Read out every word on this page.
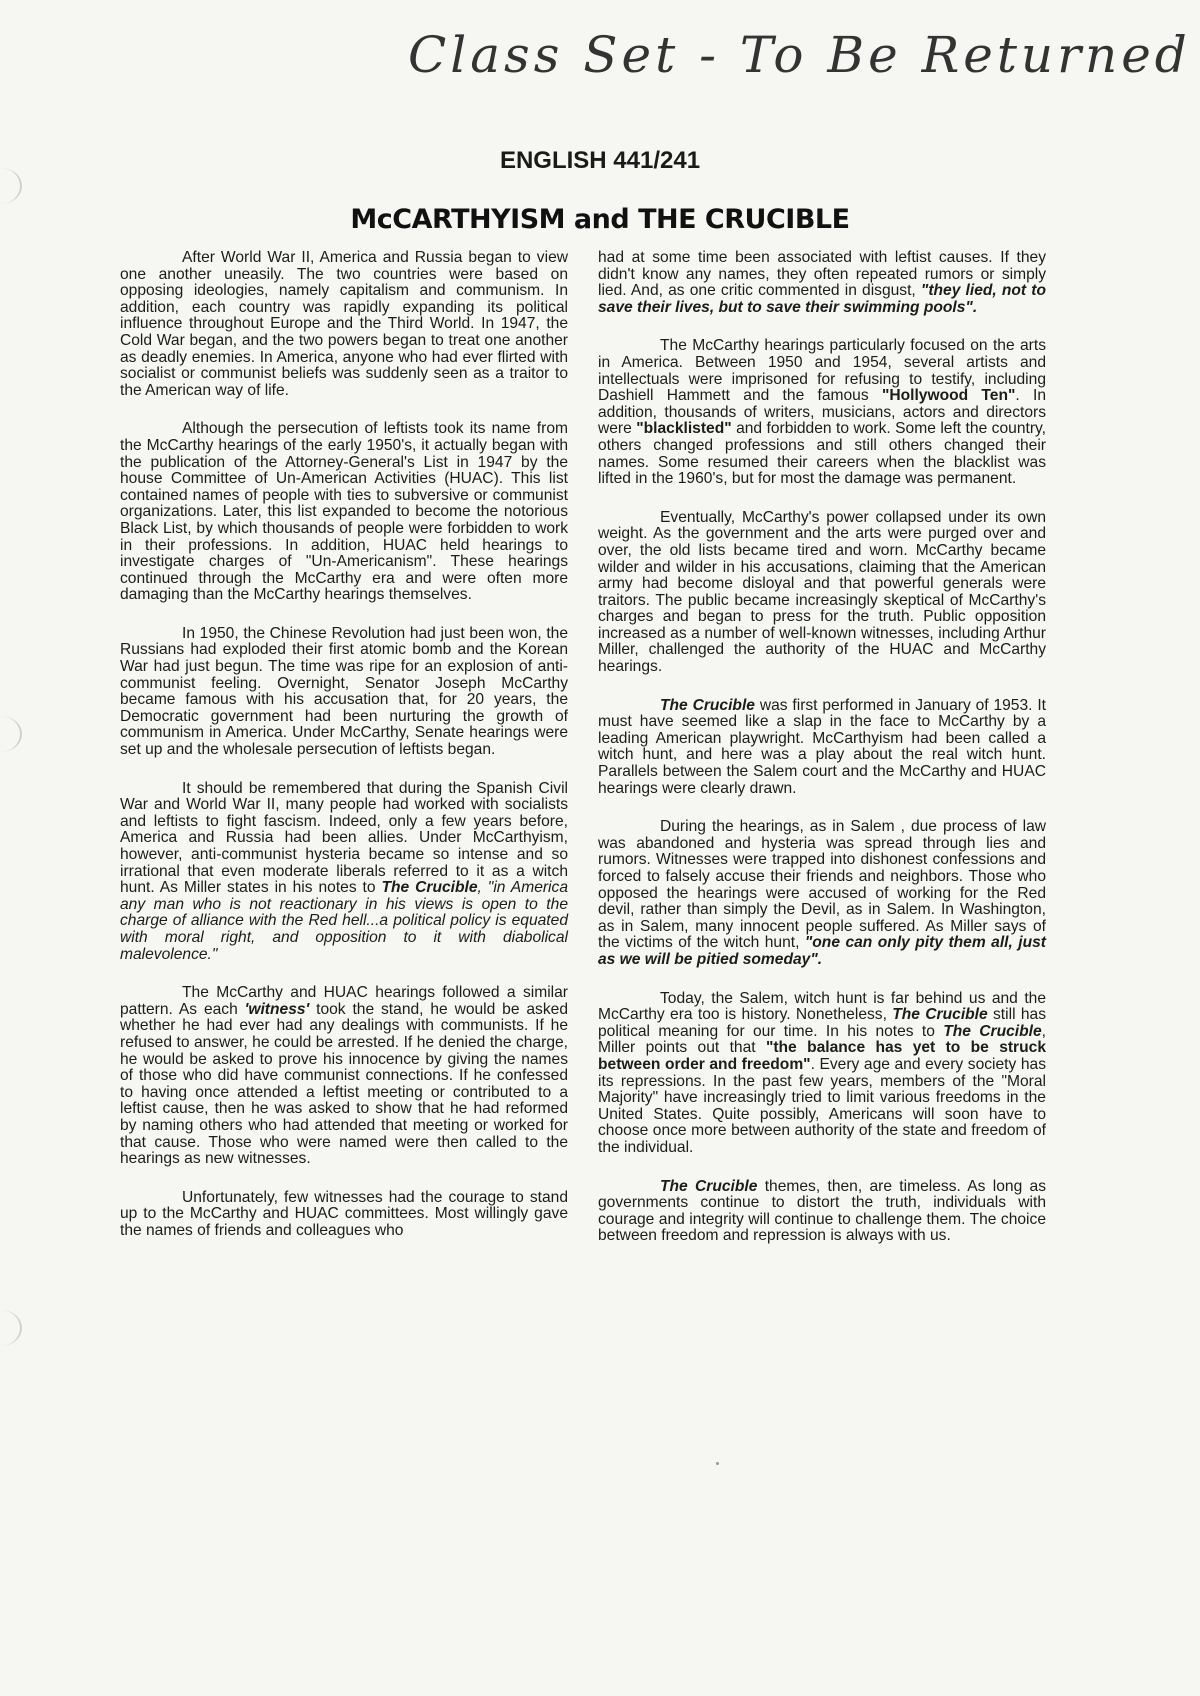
Class Set - To Be Returned
ENGLISH 441/241
McCARTHYISM and THE CRUCIBLE

After World War II, America and Russia began to view one another uneasily. The two countries were based on opposing ideologies, namely capitalism and communism. In addition, each country was rapidly expanding its political influence throughout Europe and the Third World. In 1947, the Cold War began, and the two powers began to treat one another as deadly enemies. In America, anyone who had ever flirted with socialist or communist beliefs was suddenly seen as a traitor to the American way of life.

Although the persecution of leftists took its name from the McCarthy hearings of the early 1950's, it actually began with the publication of the Attorney-General's List in 1947 by the house Committee of Un-American Activities (HUAC). This list contained names of people with ties to subversive or communist organizations. Later, this list expanded to become the notorious Black List, by which thousands of people were forbidden to work in their professions. In addition, HUAC held hearings to investigate charges of "Un-Americanism". These hearings continued through the McCarthy era and were often more damaging than the McCarthy hearings themselves.

In 1950, the Chinese Revolution had just been won, the Russians had exploded their first atomic bomb and the Korean War had just begun. The time was ripe for an explosion of anti-communist feeling. Overnight, Senator Joseph McCarthy became famous with his accusation that, for 20 years, the Democratic government had been nurturing the growth of communism in America. Under McCarthy, Senate hearings were set up and the wholesale persecution of leftists began.

It should be remembered that during the Spanish Civil War and World War II, many people had worked with socialists and leftists to fight fascism. Indeed, only a few years before, America and Russia had been allies. Under McCarthyism, however, anti-communist hysteria became so intense and so irrational that even moderate liberals referred to it as a witch hunt. As Miller states in his notes to The Crucible, "in America any man who is not reactionary in his views is open to the charge of alliance with the Red hell...a political policy is equated with moral right, and opposition to it with diabolical malevolence."

The McCarthy and HUAC hearings followed a similar pattern. As each 'witness' took the stand, he would be asked whether he had ever had any dealings with communists. If he refused to answer, he could be arrested. If he denied the charge, he would be asked to prove his innocence by giving the names of those who did have communist connections. If he confessed to having once attended a leftist meeting or contributed to a leftist cause, then he was asked to show that he had reformed by naming others who had attended that meeting or worked for that cause. Those who were named were then called to the hearings as new witnesses.

Unfortunately, few witnesses had the courage to stand up to the McCarthy and HUAC committees. Most willingly gave the names of friends and colleagues who

had at some time been associated with leftist causes. If they didn't know any names, they often repeated rumors or simply lied. And, as one critic commented in disgust, "they lied, not to save their lives, but to save their swimming pools".

The McCarthy hearings particularly focused on the arts in America. Between 1950 and 1954, several artists and intellectuals were imprisoned for refusing to testify, including Dashiell Hammett and the famous "Hollywood Ten". In addition, thousands of writers, musicians, actors and directors were "blacklisted" and forbidden to work. Some left the country, others changed professions and still others changed their names. Some resumed their careers when the blacklist was lifted in the 1960's, but for most the damage was permanent.

Eventually, McCarthy's power collapsed under its own weight. As the government and the arts were purged over and over, the old lists became tired and worn. McCarthy became wilder and wilder in his accusations, claiming that the American army had become disloyal and that powerful generals were traitors. The public became increasingly skeptical of McCarthy's charges and began to press for the truth. Public opposition increased as a number of well-known witnesses, including Arthur Miller, challenged the authority of the HUAC and McCarthy hearings.

The Crucible was first performed in January of 1953. It must have seemed like a slap in the face to McCarthy by a leading American playwright. McCarthyism had been called a witch hunt, and here was a play about the real witch hunt. Parallels between the Salem court and the McCarthy and HUAC hearings were clearly drawn.

During the hearings, as in Salem , due process of law was abandoned and hysteria was spread through lies and rumors. Witnesses were trapped into dishonest confessions and forced to falsely accuse their friends and neighbors. Those who opposed the hearings were accused of working for the Red devil, rather than simply the Devil, as in Salem. In Washington, as in Salem, many innocent people suffered. As Miller says of the victims of the witch hunt, "one can only pity them all, just as we will be pitied someday".

Today, the Salem, witch hunt is far behind us and the McCarthy era too is history. Nonetheless, The Crucible still has political meaning for our time. In his notes to The Crucible, Miller points out that "the balance has yet to be struck between order and freedom". Every age and every society has its repressions. In the past few years, members of the "Moral Majority" have increasingly tried to limit various freedoms in the United States. Quite possibly, Americans will soon have to choose once more between authority of the state and freedom of the individual.

The Crucible themes, then, are timeless. As long as governments continue to distort the truth, individuals with courage and integrity will continue to challenge them. The choice between freedom and repression is always with us.
